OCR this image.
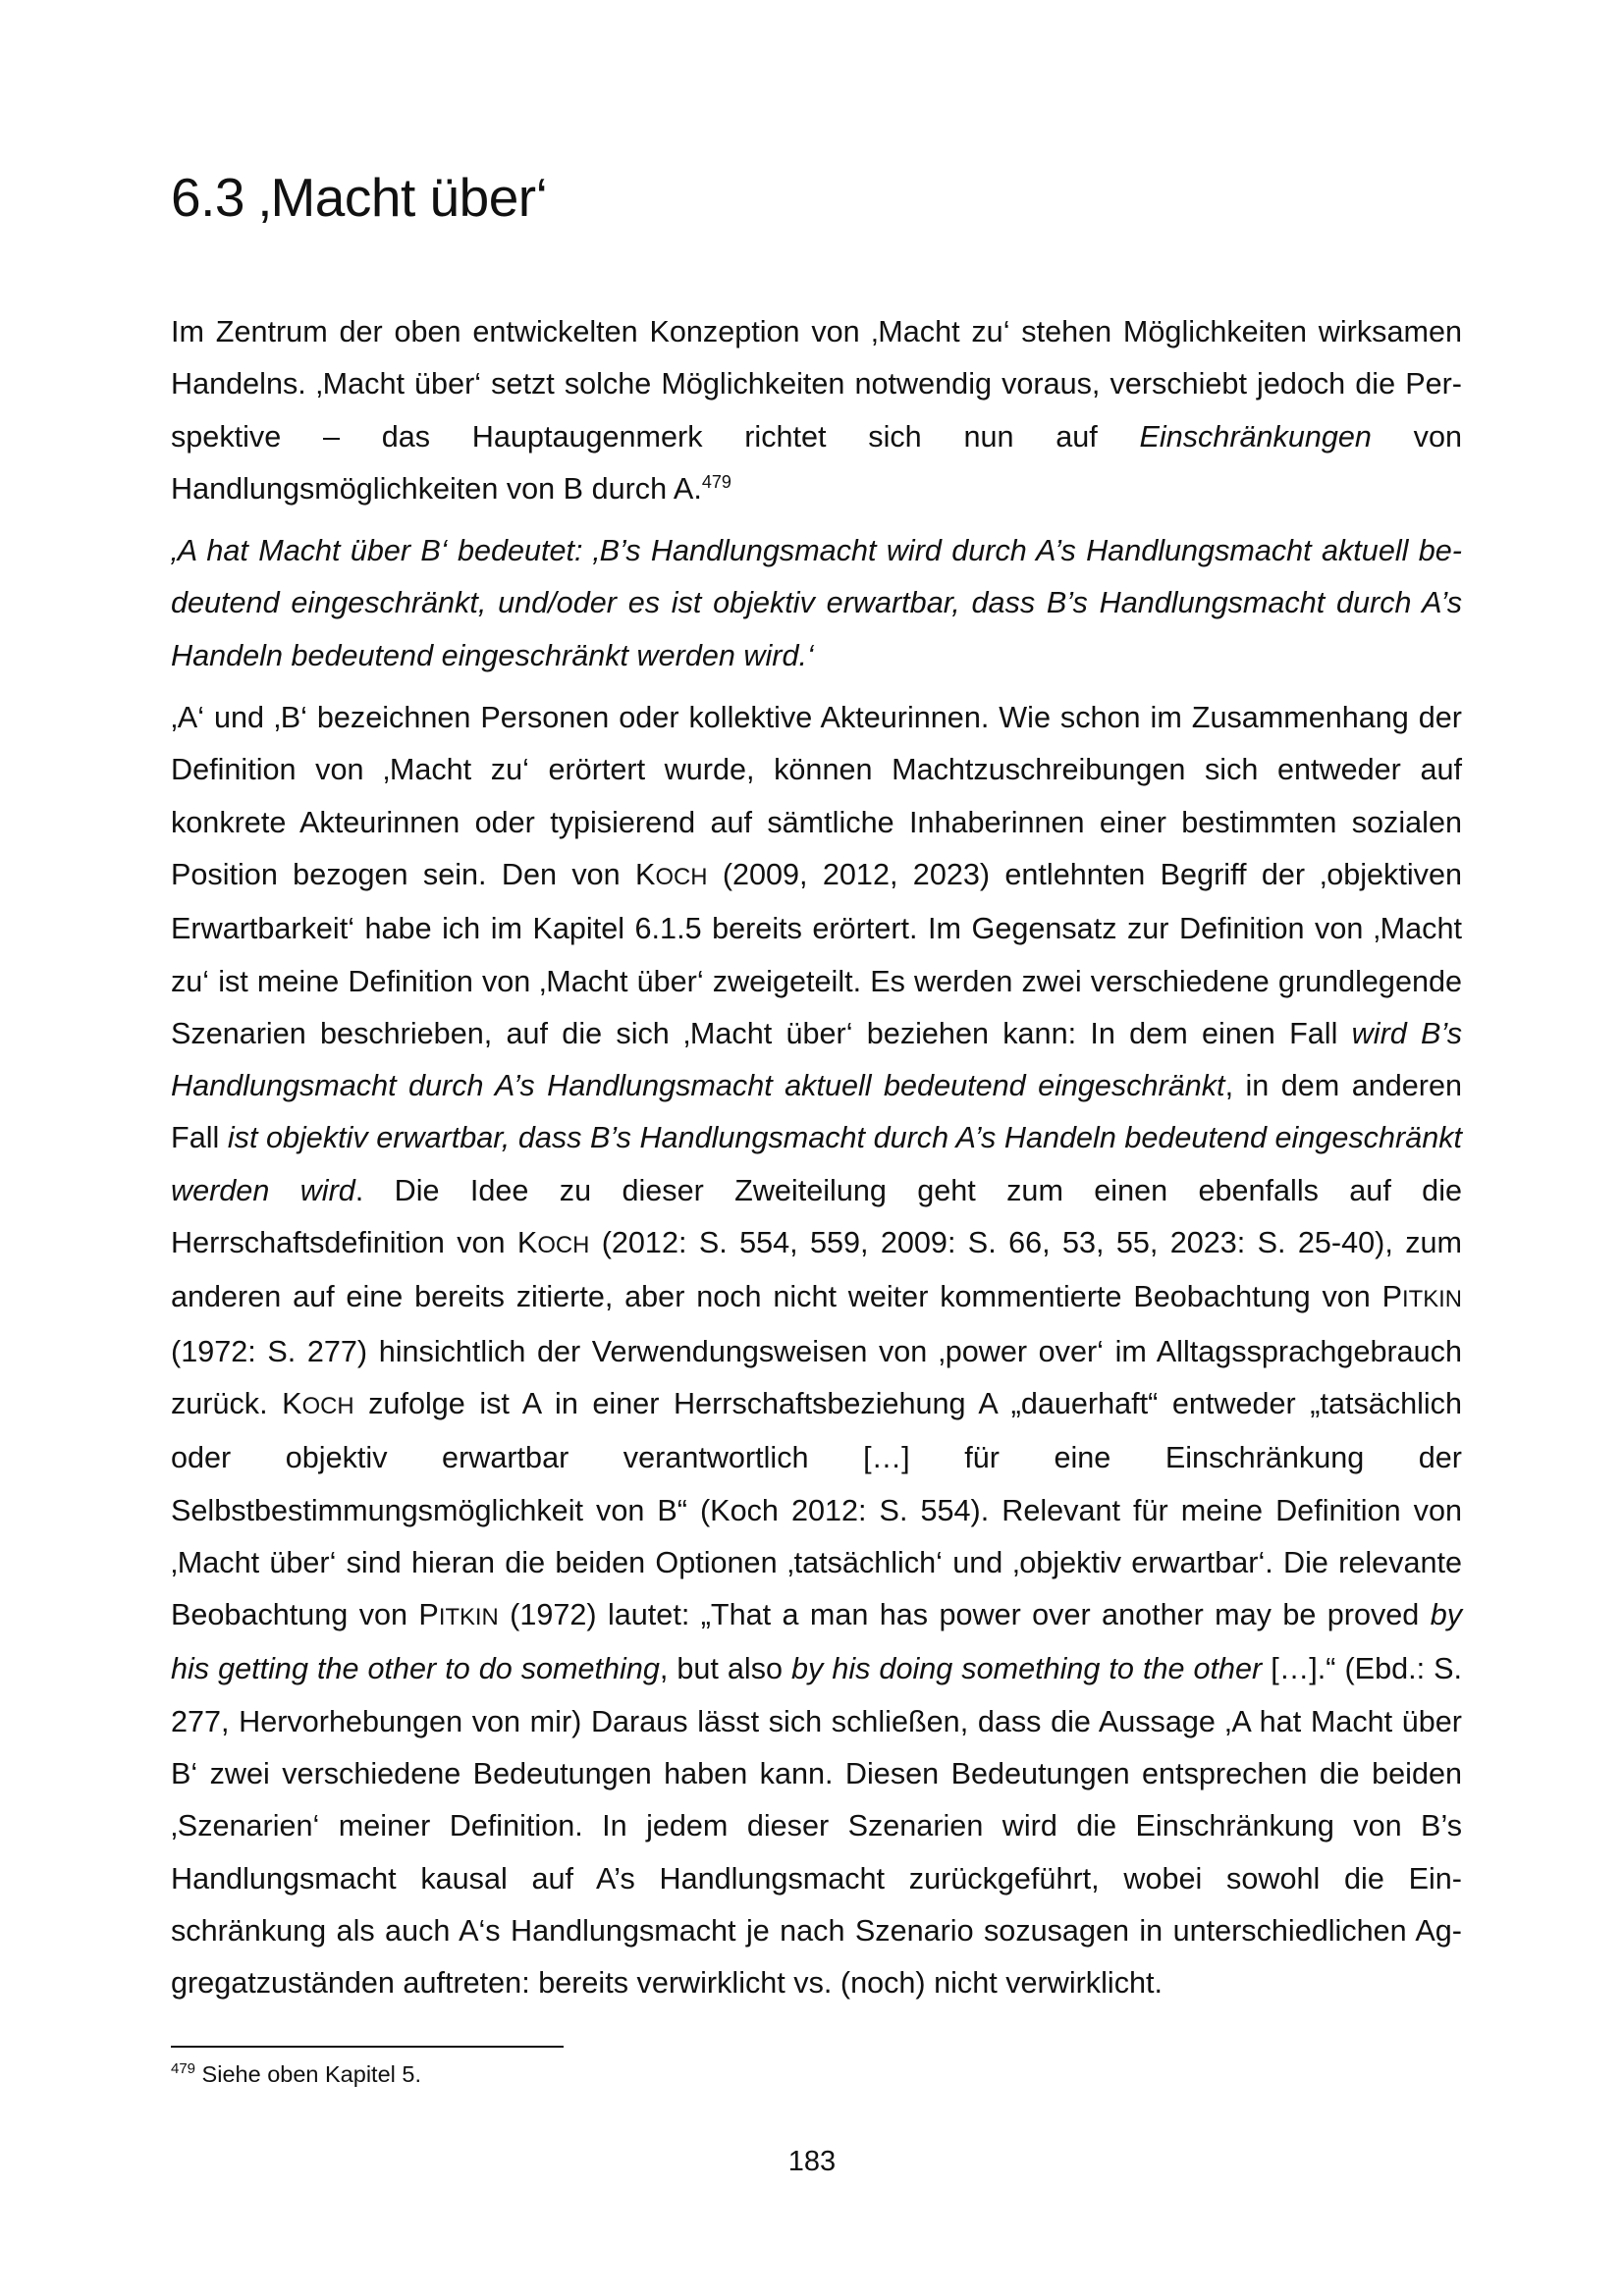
6.3 ‚Macht über‘

Im Zentrum der oben entwickelten Konzeption von ‚Macht zu‘ stehen Möglichkeiten wirksamen Handelns. ‚Macht über‘ setzt solche Möglichkeiten notwendig voraus, verschiebt jedoch die Perspektive – das Hauptaugenmerk richtet sich nun auf Einschränkungen von Handlungsmöglichkeiten von B durch A.$^{479}$

‚A hat Macht über B‘ bedeutet: ‚B’s Handlungsmacht wird durch A’s Handlungsmacht aktuell bedeutend eingeschränkt, und/oder es ist objektiv erwartbar, dass B’s Handlungsmacht durch A’s Handeln bedeutend eingeschränkt werden wird.‘

‚A‘ und ‚B‘ bezeichnen Personen oder kollektive Akteurinnen. Wie schon im Zusammenhang der Definition von ‚Macht zu‘ erörtert wurde, können Machtzuschreibungen sich entweder auf konkrete Akteurinnen oder typisierend auf sämtliche Inhaberinnen einer bestimmten sozialen Position bezogen sein. Den von KOCH (2009, 2012, 2023) entlehnten Begriff der ‚objektiven Erwartbarkeit‘ habe ich im Kapitel 6.1.5 bereits erörtert. Im Gegensatz zur Definition von ‚Macht zu‘ ist meine Definition von ‚Macht über‘ zweigeteilt. Es werden zwei verschiedene grundlegende Szenarien beschrieben, auf die sich ‚Macht über‘ beziehen kann: In dem einen Fall wird B’s Handlungsmacht durch A’s Handlungsmacht aktuell bedeutend eingeschränkt, in dem anderen Fall ist objektiv erwartbar, dass B’s Handlungsmacht durch A’s Handeln bedeutend eingeschränkt werden wird. Die Idee zu dieser Zweiteilung geht zum einen ebenfalls auf die Herrschaftsdefinition von KOCH (2012: S. 554, 559, 2009: S. 66, 53, 55, 2023: S. 25-40), zum anderen auf eine bereits zitierte, aber noch nicht weiter kommentierte Beobachtung von PITKIN (1972: S. 277) hinsichtlich der Verwendungsweisen von ‚power over‘ im Alltagssprachgebrauch zurück. KOCH zufolge ist A in einer Herrschaftsbeziehung A „dauerhaft“ entweder „tatsächlich oder objektiv erwartbar verantwortlich […] für eine Einschränkung der Selbstbestimmungsmöglichkeit von B“ (Koch 2012: S. 554). Relevant für meine Definition von ‚Macht über‘ sind hieran die beiden Optionen ‚tatsächlich‘ und ‚objektiv erwartbar‘. Die relevante Beobachtung von PITKIN (1972) lautet: „That a man has power over another may be proved by his getting the other to do something, but also by his doing something to the other […].“ (Ebd.: S. 277, Hervorhebungen von mir) Daraus lässt sich schließen, dass die Aussage ‚A hat Macht über B‘ zwei verschiedene Bedeutungen haben kann. Diesen Bedeutungen entsprechen die beiden ‚Szenarien‘ meiner Definition. In jedem dieser Szenarien wird die Einschränkung von B’s Handlungsmacht kausal auf A’s Handlungsmacht zurückgeführt, wobei sowohl die Einschränkung als auch A‘s Handlungsmacht je nach Szenario sozusagen in unterschiedlichen Aggregatzuständen auftreten: bereits verwirklicht vs. (noch) nicht verwirklicht.

$^{479}$ Siehe oben Kapitel 5.

183
